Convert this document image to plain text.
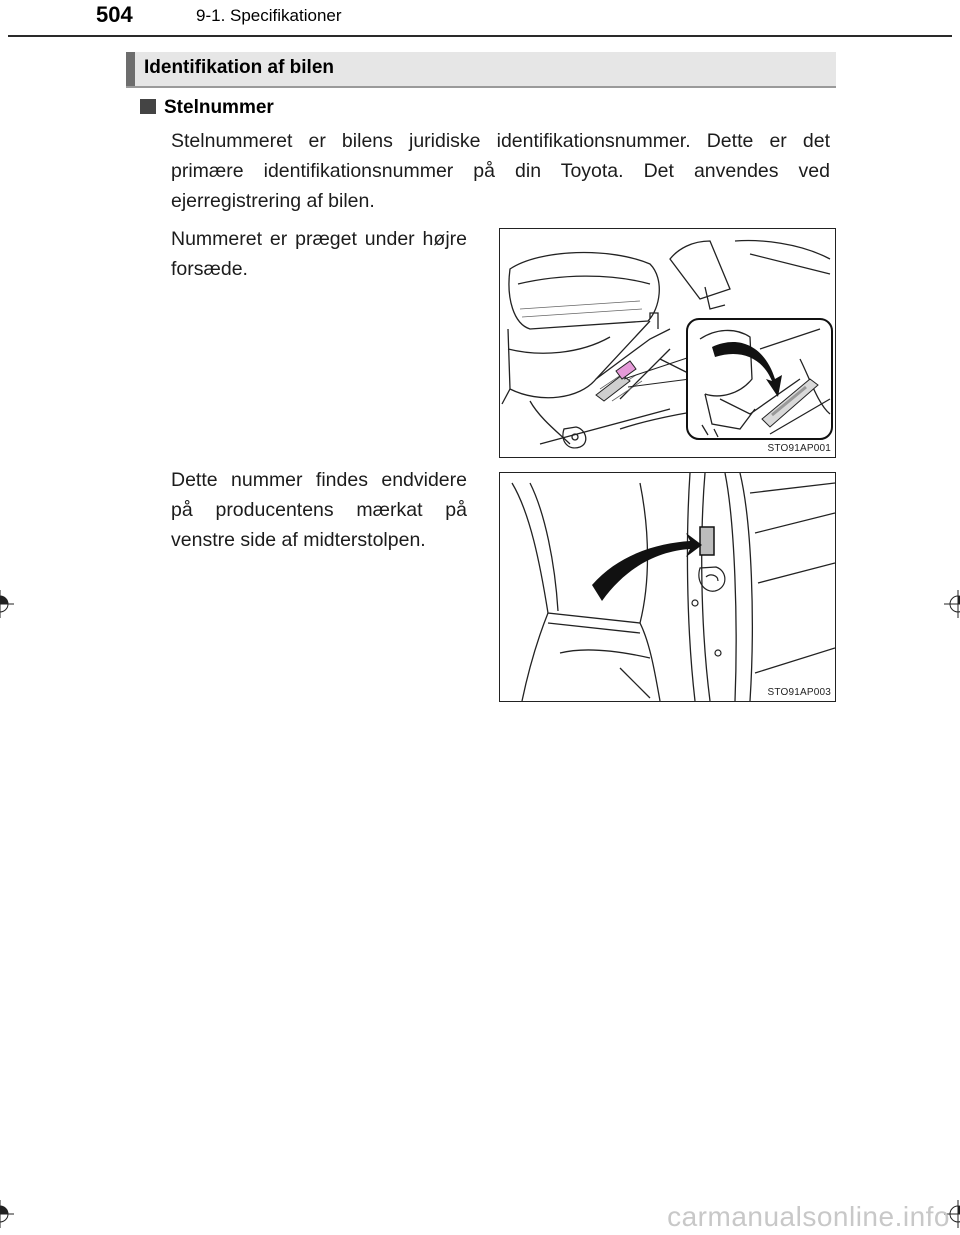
504	9-1. Specifikationer
Identifikation af bilen
Stelnummer
Stelnummeret er bilens juridiske identifikationsnummer. Dette er det primære identifikationsnummer på din Toyota. Det anvendes ved ejerregistrering af bilen.
Nummeret er præget under højre forsæde.
Dette nummer findes endvidere på producentens mærkat på venstre side af midterstolpen.
STO91AP001
STO91AP003
carmanualsonline.info
